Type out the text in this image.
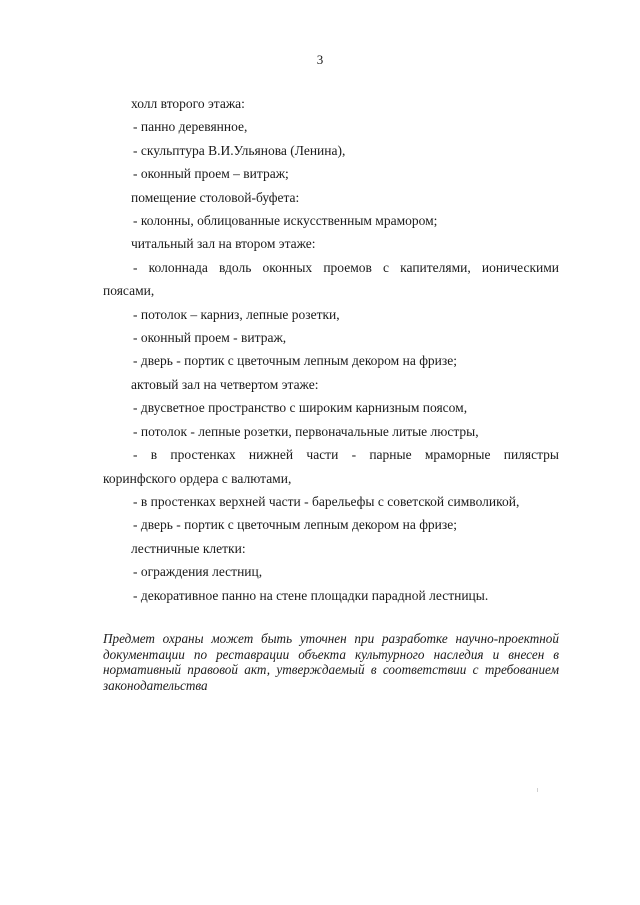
3
холл второго этажа:
- панно деревянное,
- скульптура В.И.Ульянова (Ленина),
- оконный проем – витраж;
помещение столовой-буфета:
- колонны, облицованные искусственным мрамором;
читальный зал на втором этаже:
- колоннада вдоль оконных проемов с капителями, ионическими
поясами,
- потолок – карниз, лепные розетки,
- оконный проем - витраж,
- дверь - портик с цветочным лепным декором на фризе;
актовый зал на четвертом этаже:
- двусветное пространство с широким карнизным поясом,
- потолок - лепные розетки, первоначальные литые люстры,
- в простенках нижней части - парные мраморные пилястры
коринфского ордера с валютами,
- в простенках верхней части - барельефы с советской символикой,
- дверь - портик с цветочным лепным декором на фризе;
лестничные клетки:
- ограждения лестниц,
- декоративное панно на стене площадки парадной лестницы.
Предмет охраны может быть уточнен при разработке научно-проектной документации по реставрации объекта культурного наследия и внесен в нормативный правовой акт, утверждаемый в соответствии с требованием законодательства
